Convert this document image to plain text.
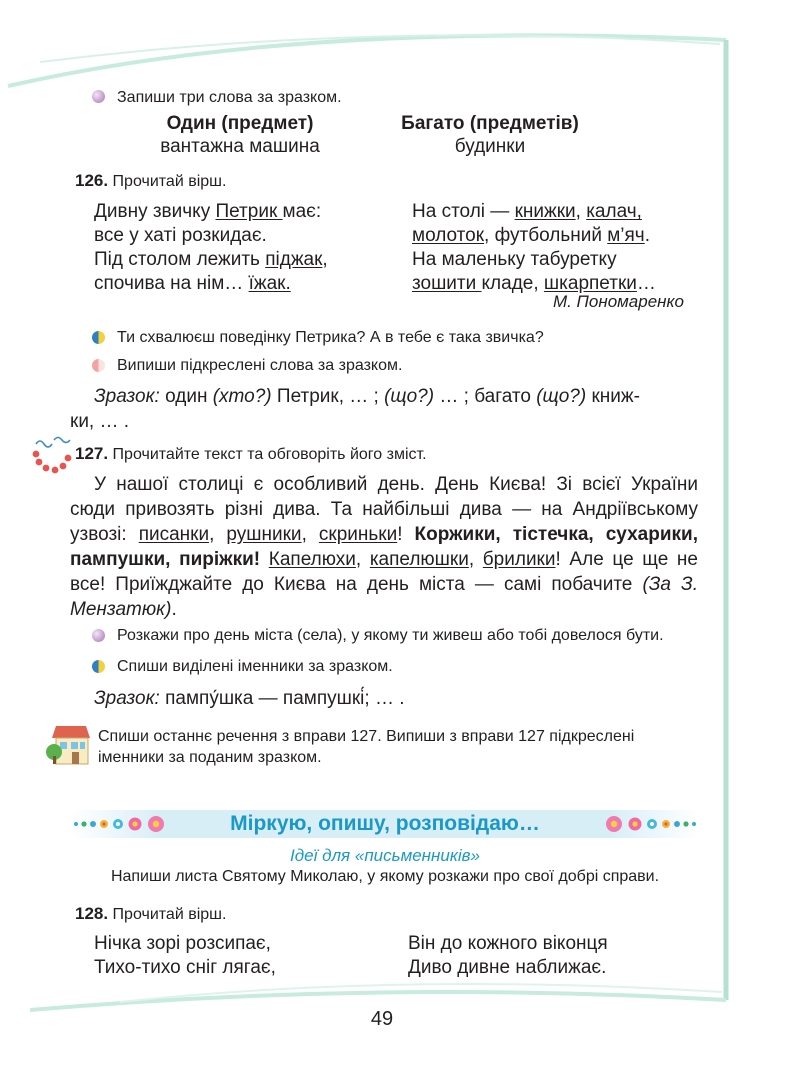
Запиши три слова за зразком.
Один (предмет)
вантажна машина
Багато (предметів)
будинки
126. Прочитай вірш.
Дивну звичку Петрик має:
все у хаті розкидає.
Під столом лежить піджак,
спочива на нім… їжак.
На столі — книжки, калач,
молоток, футбольний м’яч.
На маленьку табуретку
зошити кладе, шкарпетки…
М. Пономаренко
Ти схвалюєш поведінку Петрика? А в тебе є така звичка?
Випиши підкреслені слова за зразком.
Зразок: один (хто?) Петрик, … ; (що?) … ; багато (що?) книж-
ки, … .
127. Прочитайте текст та обговоріть його зміст.
У нашої столиці є особливий день. День Києва! Зі всієї України сюди привозять різні дива. Та найбільші дива — на Андріївському узвозі: писанки, рушники, скриньки! Коржики, тістечка, сухарики, пампушки, пиріжки! Капелюхи, капелюшки, брилики! Але це ще не все! Приїжджайте до Києва на день міста — самі побачите (За З. Мензатюк).
Розкажи про день міста (села), у якому ти живеш або тобі довелося бути.
Спиши виділені іменники за зразком.
Зразок: пампу́шка — пампушкі́; … .
Спиши останнє речення з вправи 127. Випиши з вправи 127 підкреслені
іменники за поданим зразком.
Міркую, опишу, розповідаю…
Ідеї для «письменників»
Напиши листа Святому Миколаю, у якому розкажи про свої добрі справи.
128. Прочитай вірш.
Нічка зорі розсипає,
Тихо-тихо сніг лягає,
Він до кожного віконця
Диво дивне наближає.
49
